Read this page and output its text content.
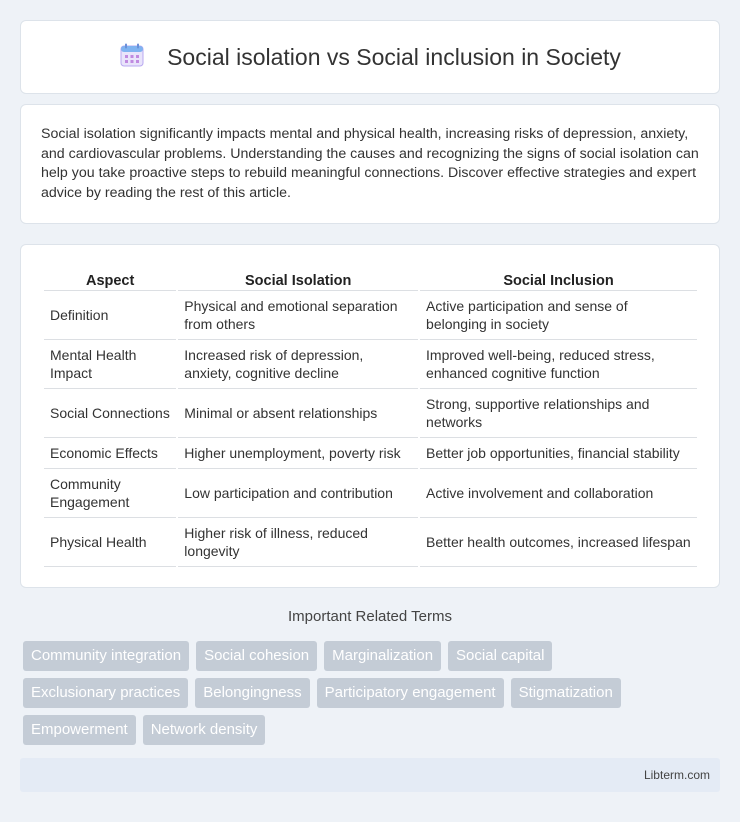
Social isolation vs Social inclusion in Society

Social isolation significantly impacts mental and physical health, increasing risks of depression, anxiety, and cardiovascular problems. Understanding the causes and recognizing the signs of social isolation can help you take proactive steps to rebuild meaningful connections. Discover effective strategies and expert advice by reading the rest of this article.

Aspect	Social Isolation	Social Inclusion
Definition	Physical and emotional separation from others	Active participation and sense of belonging in society
Mental Health Impact	Increased risk of depression, anxiety, cognitive decline	Improved well-being, reduced stress, enhanced cognitive function
Social Connections	Minimal or absent relationships	Strong, supportive relationships and networks
Economic Effects	Higher unemployment, poverty risk	Better job opportunities, financial stability
Community Engagement	Low participation and contribution	Active involvement and collaboration
Physical Health	Higher risk of illness, reduced longevity	Better health outcomes, increased lifespan
Important Related Terms
Community integration	Social cohesion	Marginalization	Social capital
Exclusionary practices	Belongingness	Participatory engagement	Stigmatization
Empowerment	Network density
Libterm.com
